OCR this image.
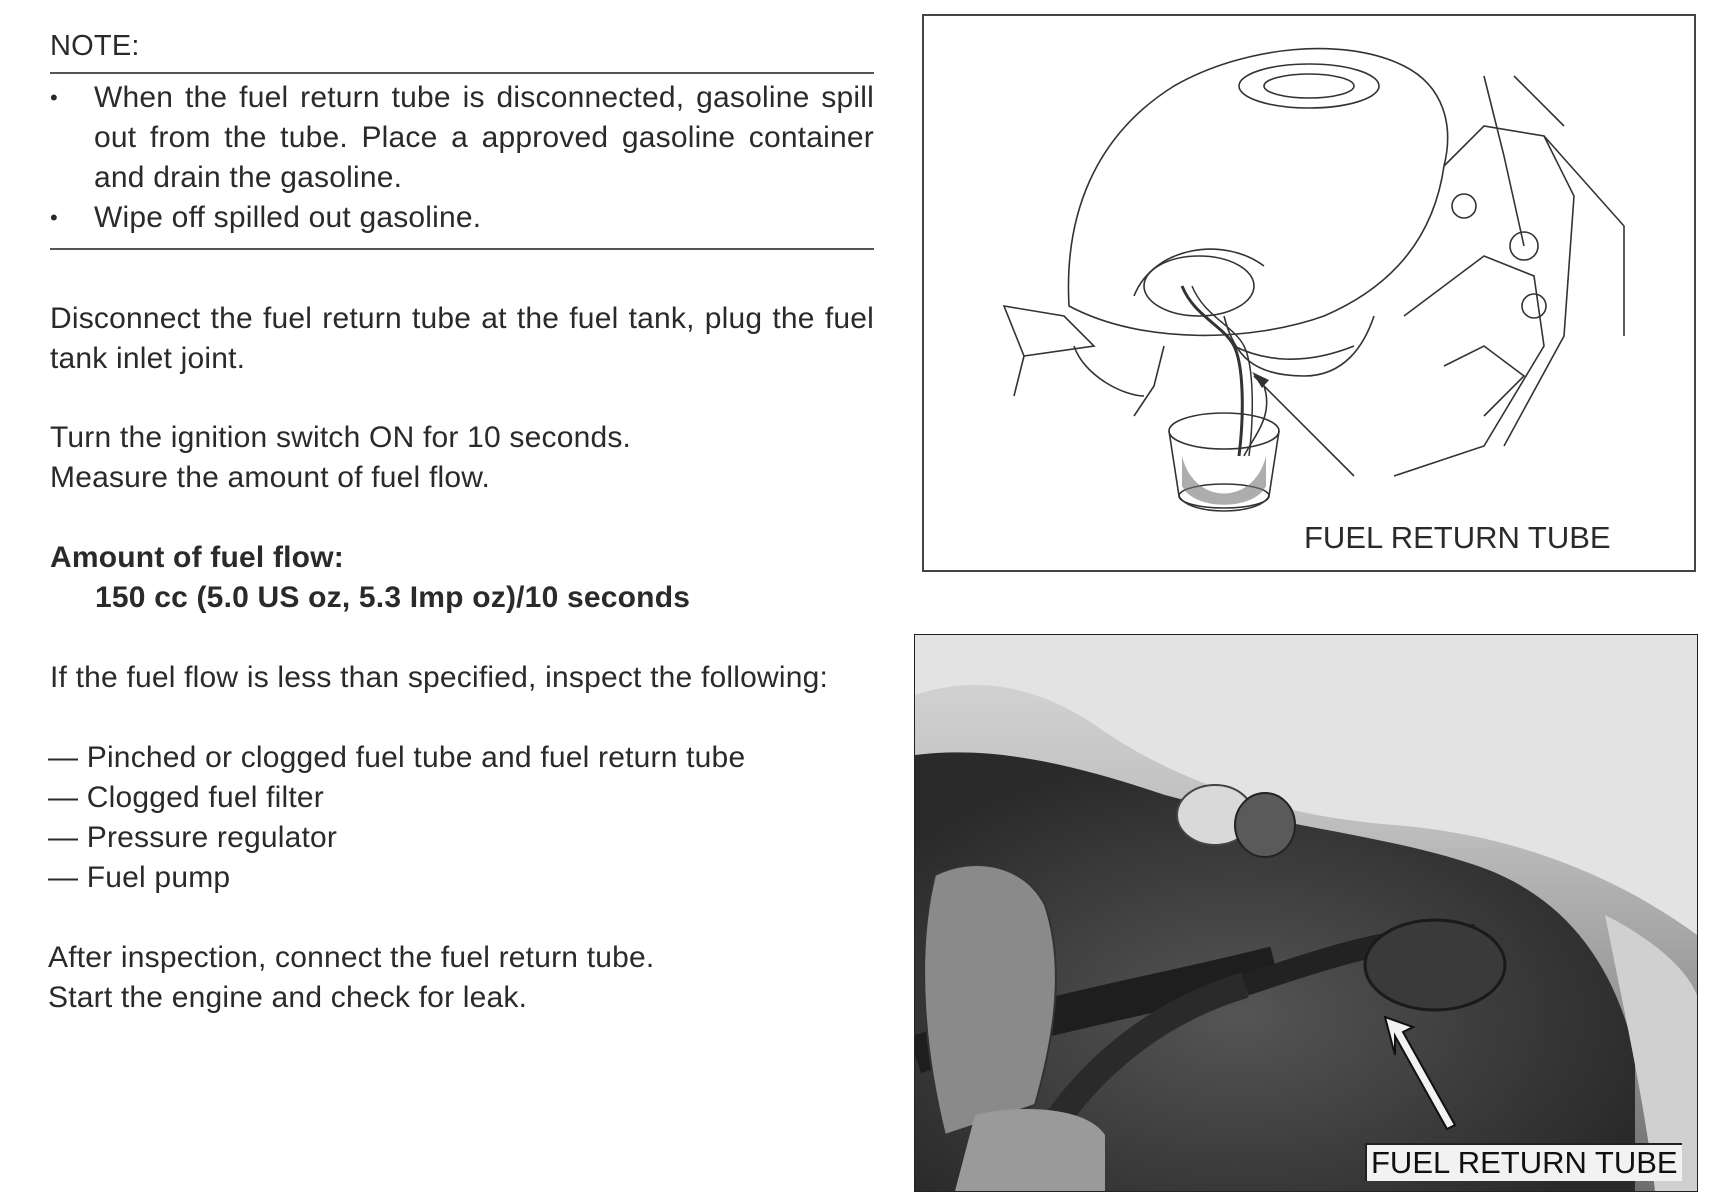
NOTE:
•	When the fuel return tube is disconnected, gasoline spill out from the tube. Place a approved gasoline container and drain the gasoline.
•	Wipe off spilled out gasoline.
Disconnect the fuel return tube at the fuel tank, plug the fuel tank inlet joint.
Turn the ignition switch ON for 10 seconds.
Measure the amount of fuel flow.
Amount of fuel flow:
150 cc (5.0 US oz, 5.3 Imp oz)/10 seconds
If the fuel flow is less than specified, inspect the following:
— Pinched or clogged fuel tube and fuel return tube
— Clogged fuel filter
— Pressure regulator
— Fuel pump
After inspection, connect the fuel return tube.
Start the engine and check for leak.
FUEL RETURN TUBE
FUEL RETURN TUBE
